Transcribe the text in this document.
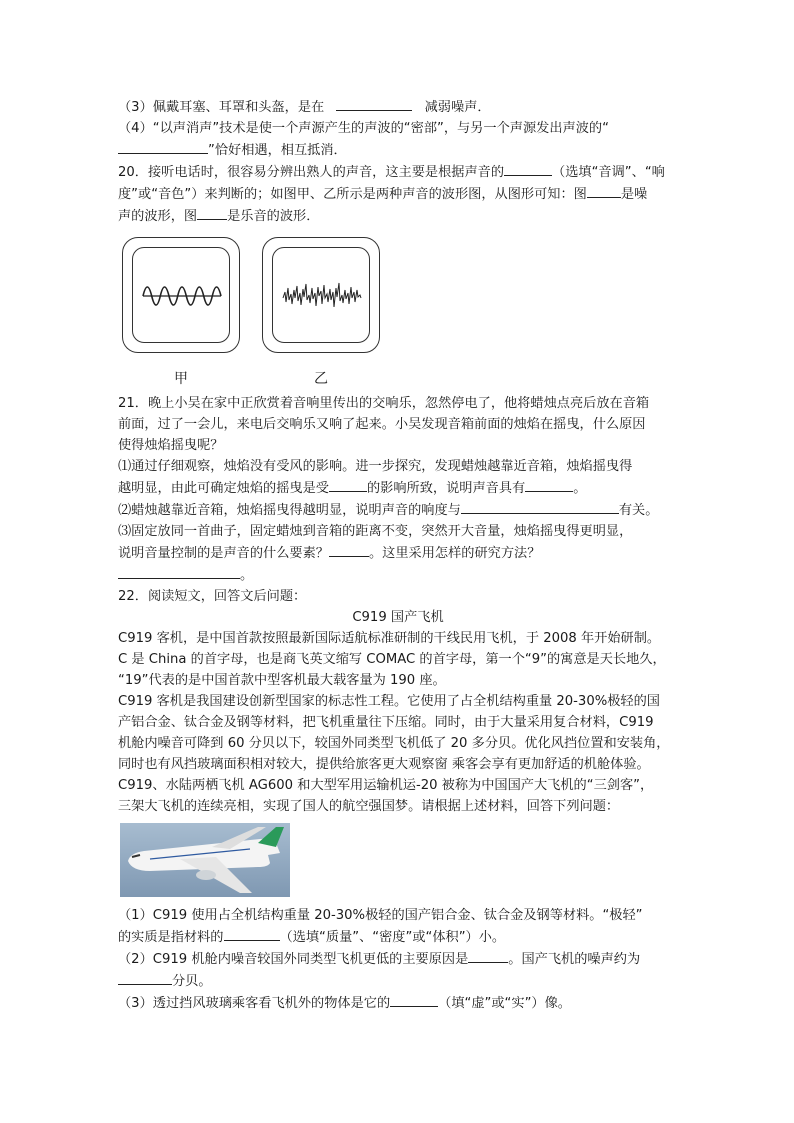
（3）佩戴耳塞、耳罩和头盔，是在	减弱噪声．
（4）“以声消声”技术是使一个声源产生的声波的“密部”，与另一个声源发出声波的“
”恰好相遇，相互抵消．
20．接听电话时，很容易分辨出熟人的声音，这主要是根据声音的	（选填“音调”、“响
度”或“音色”）来判断的；如图甲、乙所示是两种声音的波形图，从图形可知：图	是噪
声的波形，图 是乐音的波形．
甲	乙
21．晚上小吴在家中正欣赏着音响里传出的交响乐，忽然停电了，他将蜡烛点亮后放在音箱
前面，过了一会儿，来电后交响乐又响了起来。小吴发现音箱前面的烛焰在摇曳，什么原因
使得烛焰摇曳呢？
⑴通过仔细观察，烛焰没有受风的影响。进一步探究，发现蜡烛越靠近音箱，烛焰摇曳得
越明显，由此可确定烛焰的摇曳是受	的影响所致，说明声音具有	。
⑵蜡烛越靠近音箱，烛焰摇曳得越明显，说明声音的响度与	有关。
⑶固定放同一首曲子，固定蜡烛到音箱的距离不变，突然开大音量，烛焰摇曳得更明显，
说明音量控制的是声音的什么要素？	。这里采用怎样的研究方法？
。
22．阅读短文，回答文后问题：
C919 国产飞机
C919 客机，是中国首款按照最新国际适航标准研制的干线民用飞机，于 2008 年开始研制。
C 是 China 的首字母，也是商飞英文缩写 COMAC 的首字母，第一个“9”的寓意是天长地久，
“19”代表的是中国首款中型客机最大载客量为 190 座。
C919 客机是我国建设创新型国家的标志性工程。它使用了占全机结构重量 20-30%极轻的国
产铝合金、钛合金及钢等材料，把飞机重量往下压缩。同时，由于大量采用复合材料，C919
机舱内噪音可降到 60 分贝以下，较国外同类型飞机低了 20 多分贝。优化风挡位置和安装角，
同时也有风挡玻璃面积相对较大，提供给旅客更大观察窗 乘客会享有更加舒适的机舱体验。
C919、水陆两栖飞机 AG600 和大型军用运输机运-20 被称为中国国产大飞机的“三剑客”，
三架大飞机的连续亮相，实现了国人的航空强国梦。请根据上述材料，回答下列问题：
（1）C919 使用占全机结构重量 20-30%极轻的国产铝合金、钛合金及钢等材料。“极轻”
的实质是指材料的	（选填“质量”、“密度”或“体积”）小。
（2）C919 机舱内噪音较国外同类型飞机更低的主要原因是	。国产飞机的噪声约为
分贝。
（3）透过挡风玻璃乘客看飞机外的物体是它的	（填“虚”或“实”）像。
